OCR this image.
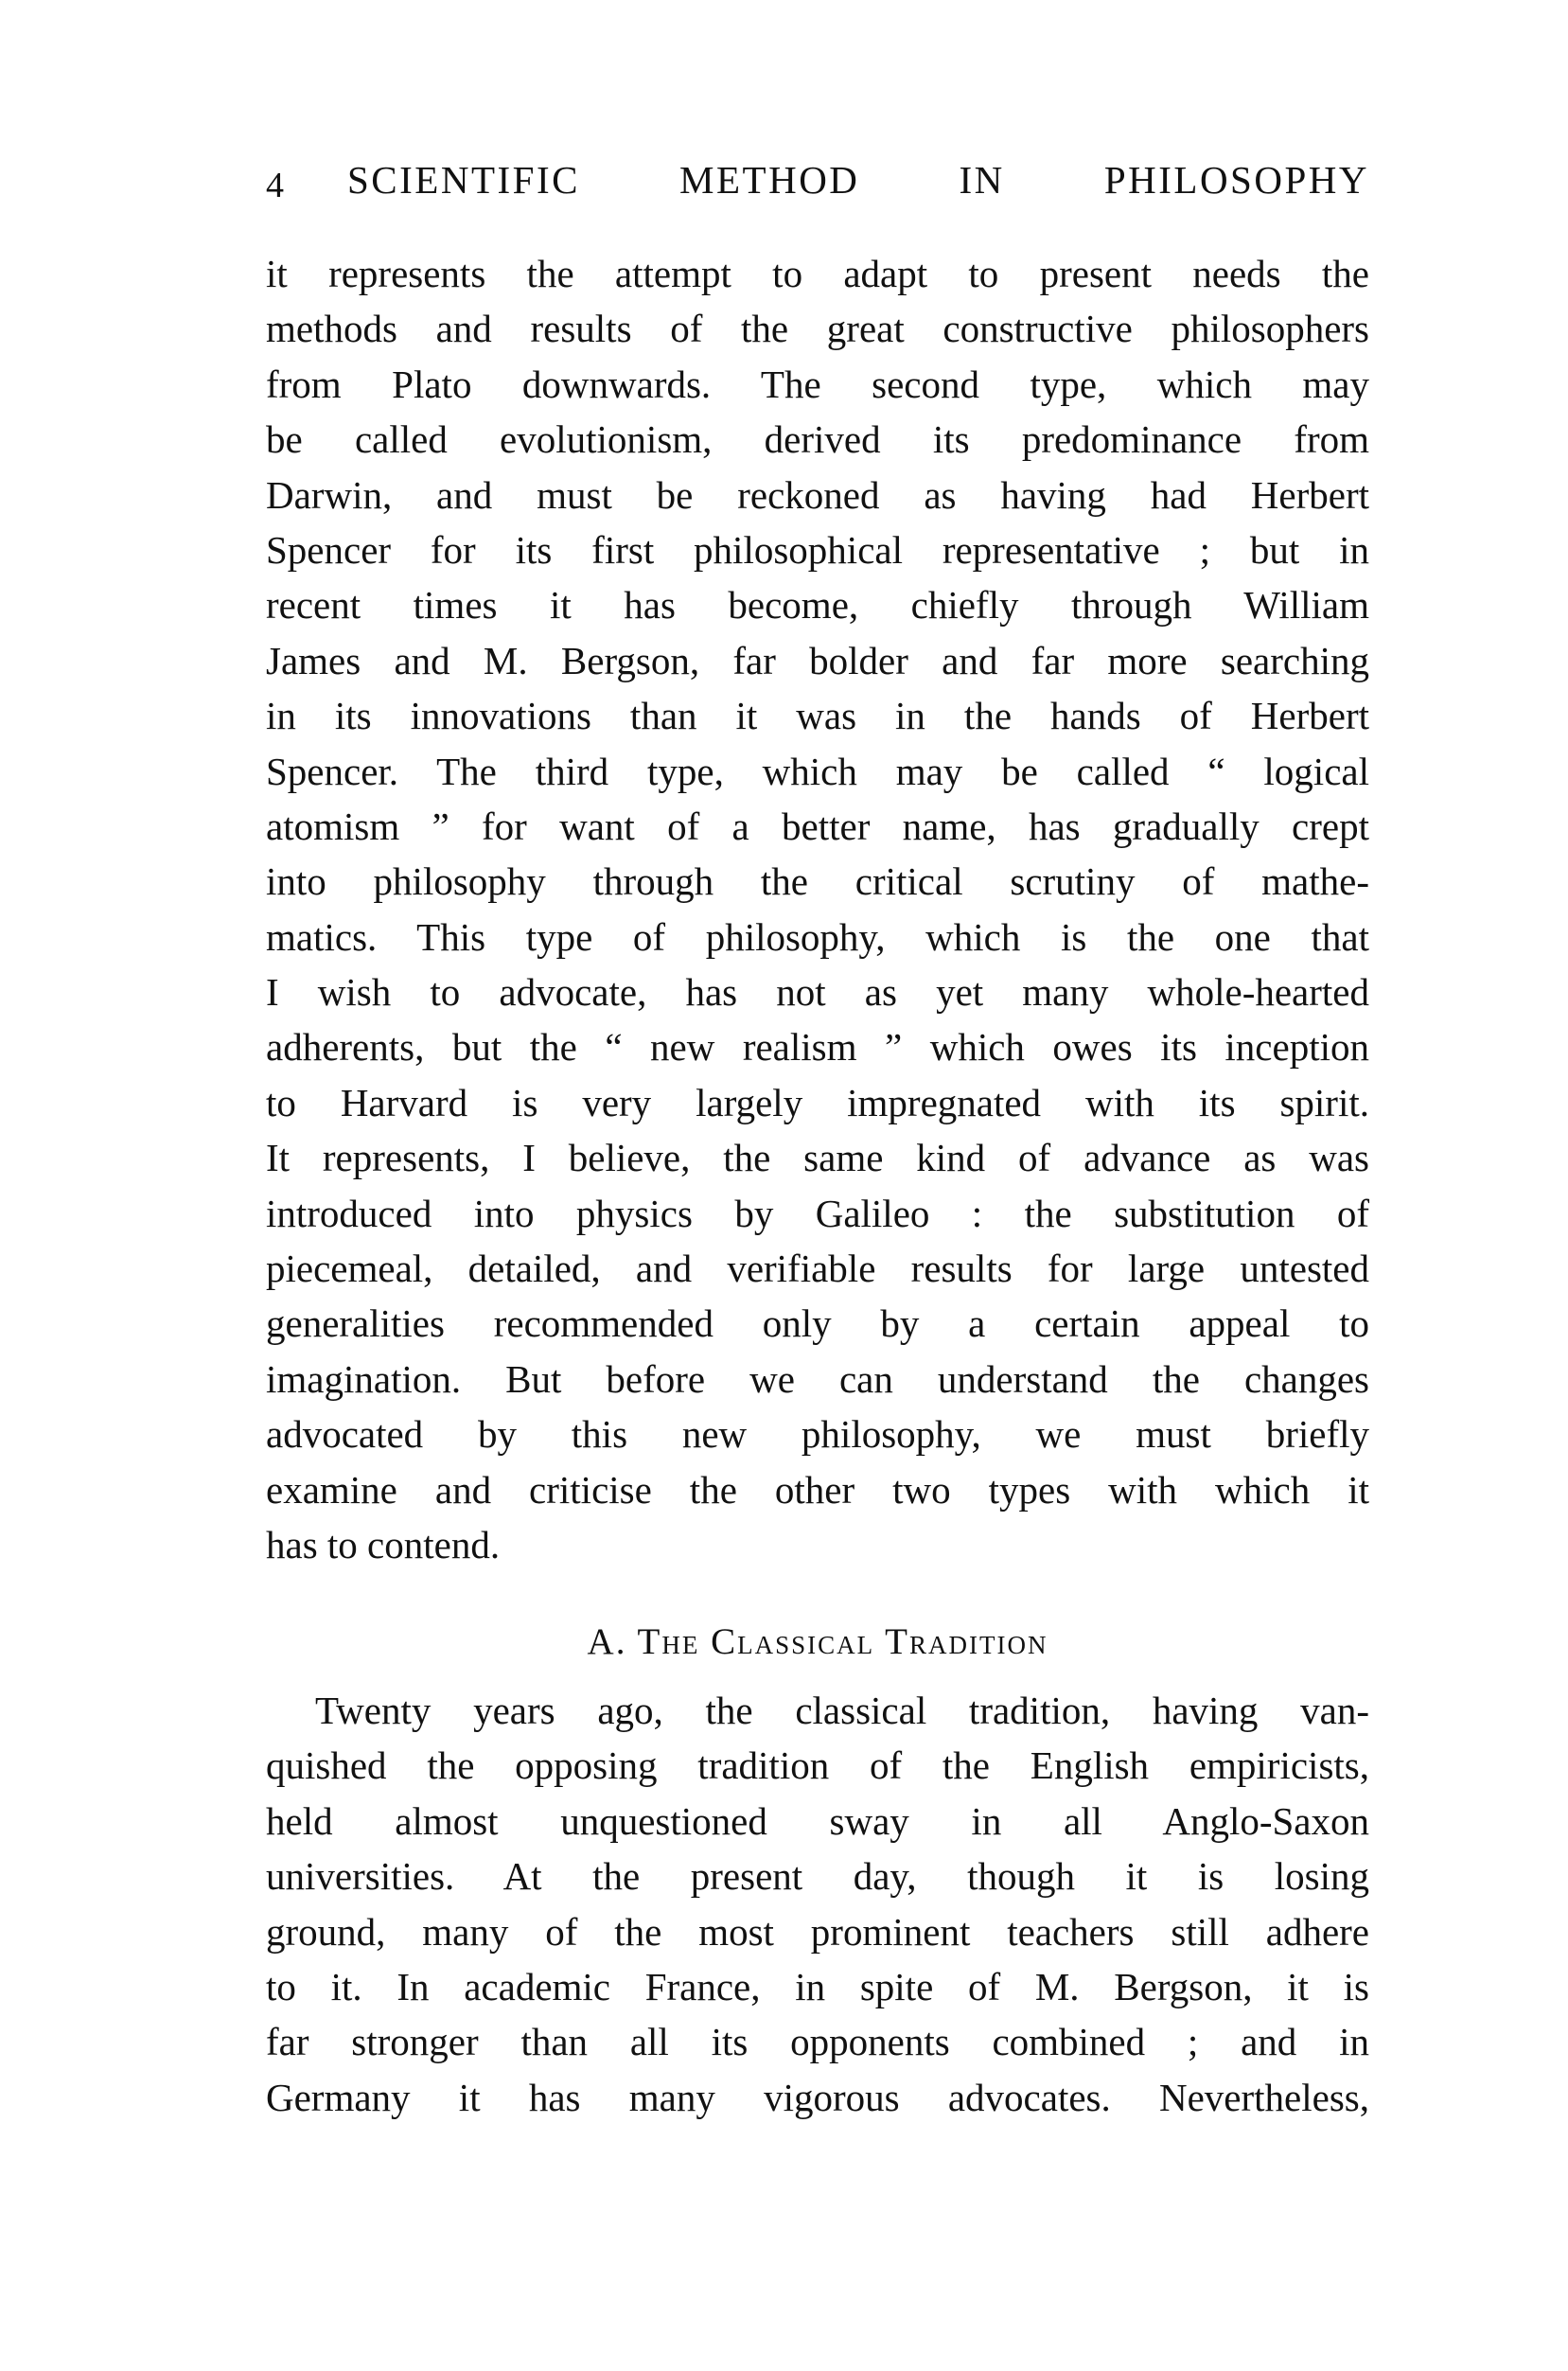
4 SCIENTIFIC METHOD IN PHILOSOPHY
it represents the attempt to adapt to present needs the
methods and results of the great constructive philosophers
from Plato downwards. The second type, which may
be called evolutionism, derived its predominance from
Darwin, and must be reckoned as having had Herbert
Spencer for its first philosophical representative ; but in
recent times it has become, chiefly through William
James and M. Bergson, far bolder and far more searching
in its innovations than it was in the hands of Herbert
Spencer. The third type, which may be called “ logical
atomism ” for want of a better name, has gradually crept
into philosophy through the critical scrutiny of mathe-
matics. This type of philosophy, which is the one that
I wish to advocate, has not as yet many whole-hearted
adherents, but the “ new realism ” which owes its inception
to Harvard is very largely impregnated with its spirit.
It represents, I believe, the same kind of advance as was
introduced into physics by Galileo : the substitution of
piecemeal, detailed, and verifiable results for large untested
generalities recommended only by a certain appeal to
imagination. But before we can understand the changes
advocated by this new philosophy, we must briefly
examine and criticise the other two types with which it
has to contend.
A. The Classical Tradition
Twenty years ago, the classical tradition, having van-
quished the opposing tradition of the English empiricists,
held almost unquestioned sway in all Anglo-Saxon
universities. At the present day, though it is losing
ground, many of the most prominent teachers still adhere
to it. In academic France, in spite of M. Bergson, it is
far stronger than all its opponents combined ; and in
Germany it has many vigorous advocates. Nevertheless,
